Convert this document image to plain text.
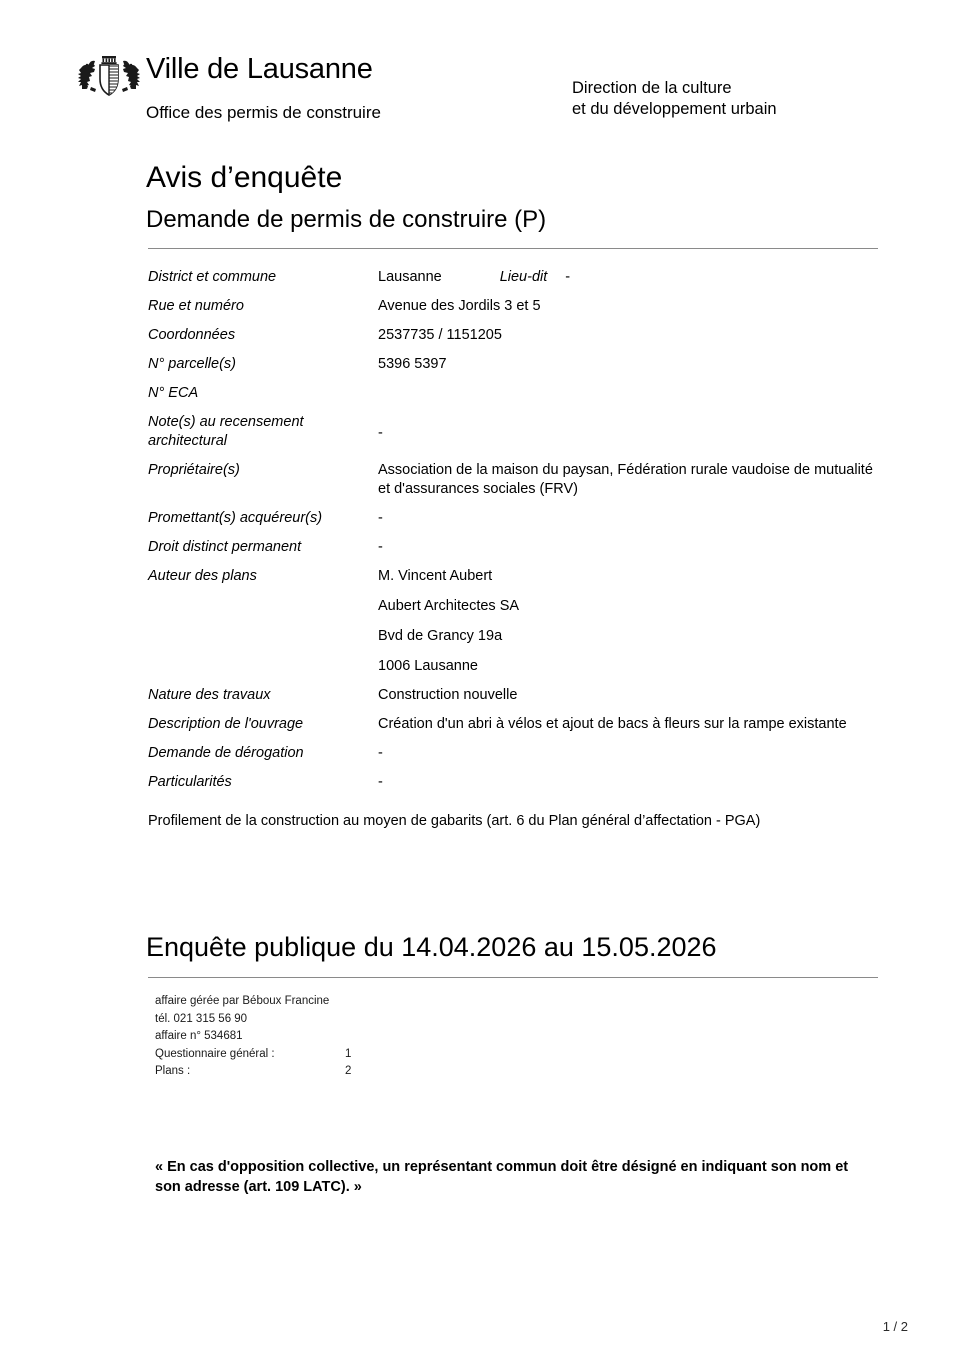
Ville de Lausanne
Office des permis de construire
Direction de la culture
et du développement urbain
Avis d’enquête
Demande de permis de construire (P)
District et commune	Lausanne	Lieu-dit -
Rue et numéro	Avenue des Jordils 3 et 5
Coordonnées	2537735 / 1151205
N° parcelle(s)	5396 5397
N° ECA
Note(s) au recensement
architectural	-
Propriétaire(s)	Association de la maison du paysan, Fédération rurale vaudoise de mutualité et d'assurances sociales (FRV)
Promettant(s) acquéreur(s)	-
Droit distinct permanent	-
Auteur des plans	M. Vincent Aubert
Aubert Architectes SA
Bvd de Grancy 19a
1006 Lausanne
Nature des travaux	Construction nouvelle
Description de l'ouvrage	Création d'un abri à vélos et ajout de bacs à fleurs sur la rampe existante
Demande de dérogation	-
Particularités	-
Profilement de la construction au moyen de gabarits (art. 6 du Plan général d’affectation - PGA)
Enquête publique du 14.04.2026 au 15.05.2026
affaire gérée par Béboux Francine
tél. 021 315 56 90
affaire n° 534681
Questionnaire général :	1
Plans :	2
« En cas d'opposition collective, un représentant commun doit être désigné en indiquant son nom et son adresse (art. 109 LATC). »
1 / 2
